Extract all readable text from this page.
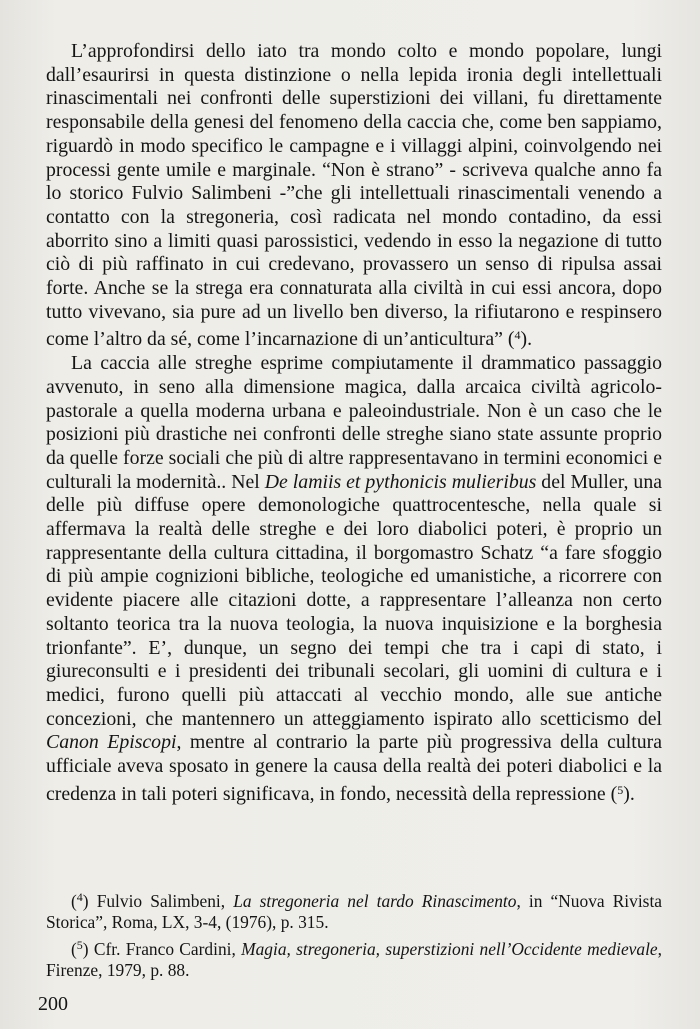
L’approfondirsi dello iato tra mondo colto e mondo popolare, lungi dall’esaurirsi in questa distinzione o nella lepida ironia degli intellettuali rinascimentali nei confronti delle superstizioni dei villani, fu direttamente responsabile della genesi del fenomeno della caccia che, come ben sappiamo, riguardò in modo specifico le campagne e i villaggi alpini, coinvolgendo nei processi gente umile e marginale. “Non è strano” - scriveva qualche anno fa lo storico Fulvio Salimbeni -”che gli intellettuali rinascimentali venendo a contatto con la stregoneria, così radicata nel mondo contadino, da essi aborrito sino a limiti quasi parossistici, vedendo in esso la negazione di tutto ciò di più raffinato in cui credevano, provassero un senso di ripulsa assai forte. Anche se la strega era connaturata alla civiltà in cui essi ancora, dopo tutto vivevano, sia pure ad un livello ben diverso, la rifiutarono e respinsero come l’altro da sé, come l’incarnazione di un’anticultura” ($^4$).

La caccia alle streghe esprime compiutamente il drammatico passaggio avvenuto, in seno alla dimensione magica, dalla arcaica civiltà agricolo-pastorale a quella moderna urbana e paleoindustriale. Non è un caso che le posizioni più drastiche nei confronti delle streghe siano state assunte proprio da quelle forze sociali che più di altre rappresentavano in termini economici e culturali la modernità.. Nel De lamiis et pythonicis mulieribus del Muller, una delle più diffuse opere demonologiche quattrocentesche, nella quale si affermava la realtà delle streghe e dei loro diabolici poteri, è proprio un rappresentante della cultura cittadina, il borgomastro Schatz “a fare sfoggio di più ampie cognizioni bibliche, teologiche ed umanistiche, a ricorrere con evidente piacere alle citazioni dotte, a rappresentare l’alleanza non certo soltanto teorica tra la nuova teologia, la nuova inquisizione e la borghesia trionfante”. E’, dunque, un segno dei tempi che tra i capi di stato, i giureconsulti e i presidenti dei tribunali secolari, gli uomini di cultura e i medici, furono quelli più attaccati al vecchio mondo, alle sue antiche concezioni, che mantennero un atteggiamento ispirato allo scetticismo del Canon Episcopi, mentre al contrario la parte più progressiva della cultura ufficiale aveva sposato in genere la causa della realtà dei poteri diabolici e la credenza in tali poteri significava, in fondo, necessità della repressione ($^5$).

($^4$) Fulvio Salimbeni, La stregoneria nel tardo Rinascimento, in “Nuova Rivista Storica”, Roma, LX, 3-4, (1976), p. 315.

($^5$) Cfr. Franco Cardini, Magia, stregoneria, superstizioni nell’Occidente medievale, Firenze, 1979, p. 88.

200
